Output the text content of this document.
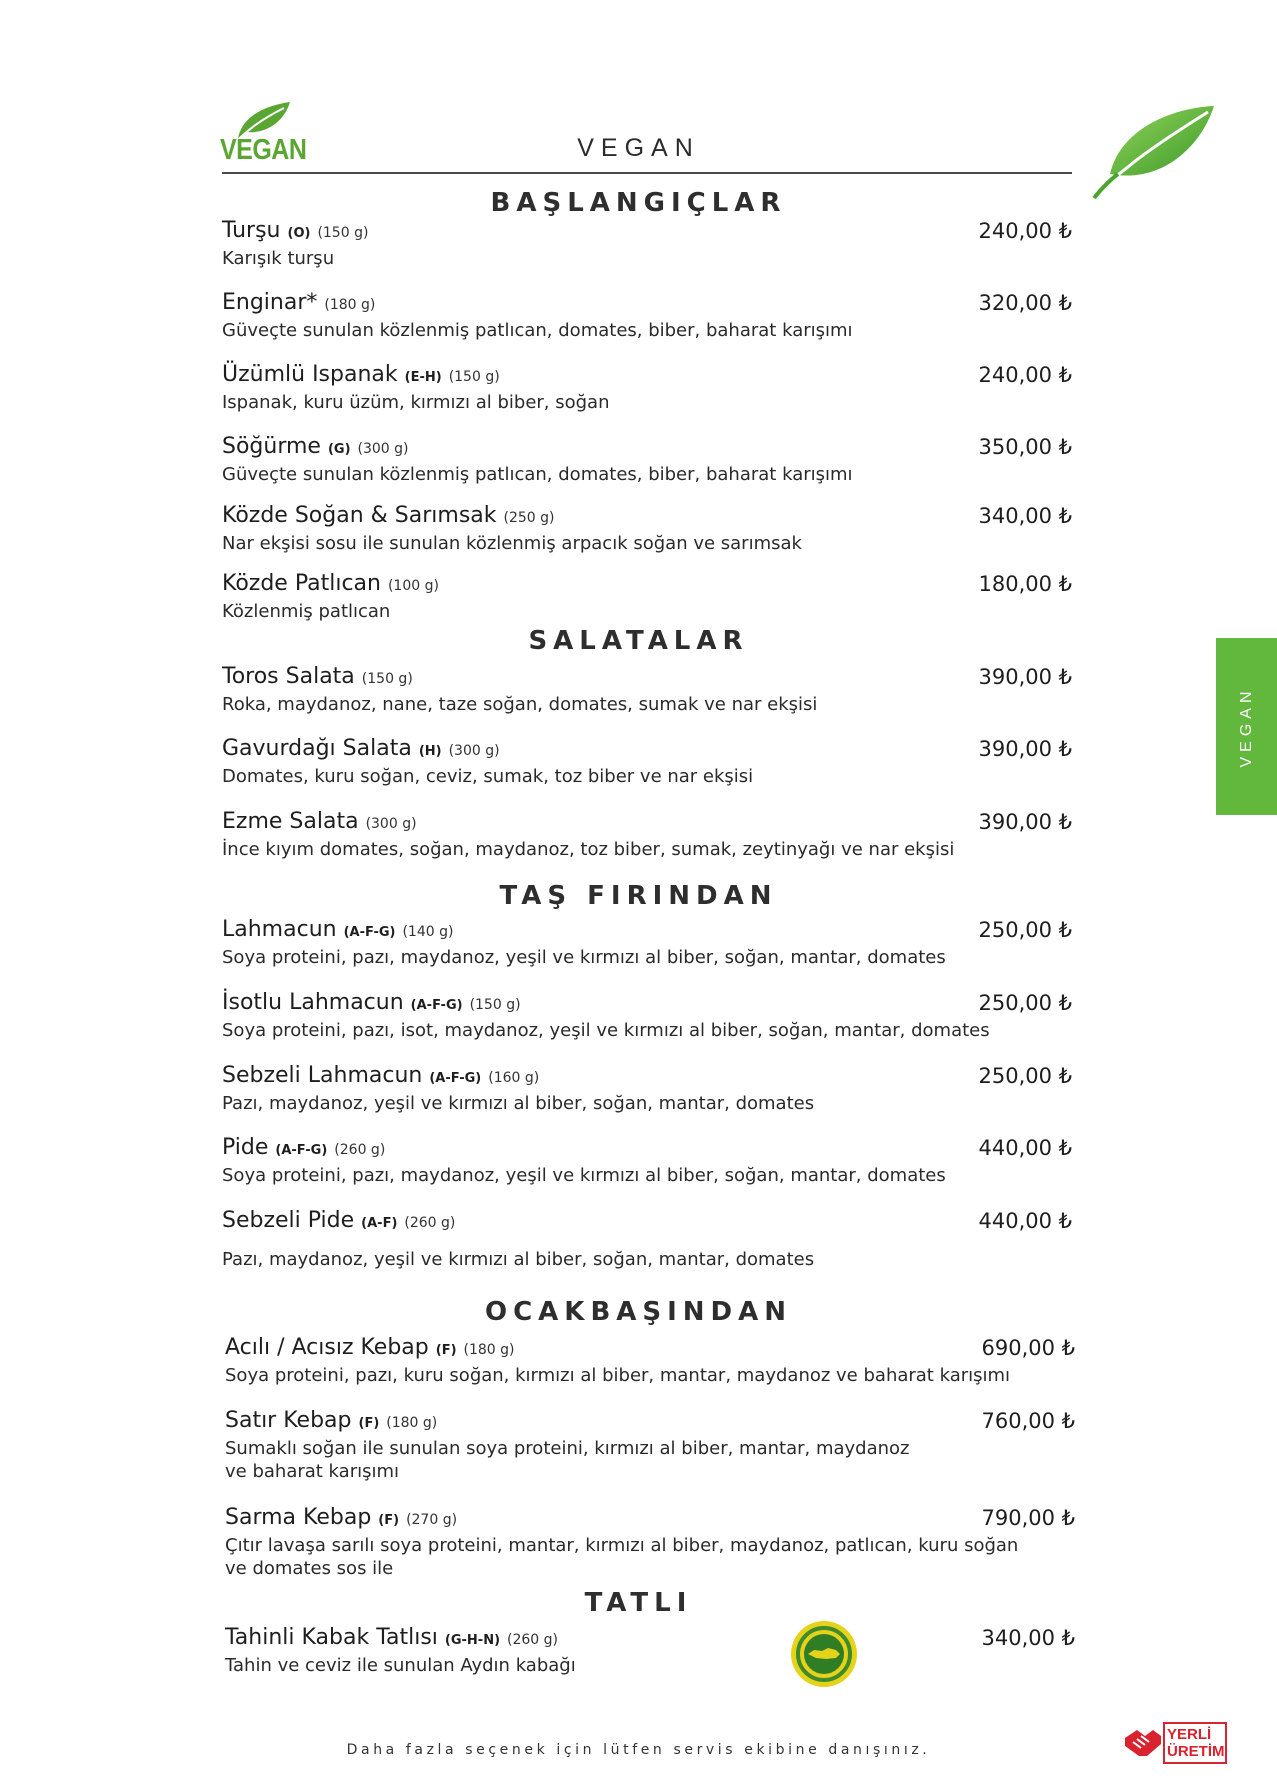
VEGAN	VEGAN
VEGAN
BAŞLANGIÇLAR
Turşu (O) (150 g)	240,00 ₺
Karışık turşu
Enginar* (180 g)	320,00 ₺
Güveçte sunulan közlenmiş patlıcan, domates, biber, baharat karışımı
Üzümlü Ispanak (E-H) (150 g)	240,00 ₺
Ispanak, kuru üzüm, kırmızı al biber, soğan
Söğürme (G) (300 g)	350,00 ₺
Güveçte sunulan közlenmiş patlıcan, domates, biber, baharat karışımı
Közde Soğan & Sarımsak (250 g)	340,00 ₺
Nar ekşisi sosu ile sunulan közlenmiş arpacık soğan ve sarımsak
Közde Patlıcan (100 g)	180,00 ₺
Közlenmiş patlıcan
SALATALAR
Toros Salata (150 g)	390,00 ₺
Roka, maydanoz, nane, taze soğan, domates, sumak ve nar ekşisi
Gavurdağı Salata (H) (300 g)	390,00 ₺
Domates, kuru soğan, ceviz, sumak, toz biber ve nar ekşisi
Ezme Salata (300 g)	390,00 ₺
İnce kıyım domates, soğan, maydanoz, toz biber, sumak, zeytinyağı ve nar ekşisi
TAŞ FIRINDAN
Lahmacun (A-F-G) (140 g)	250,00 ₺
Soya proteini, pazı, maydanoz, yeşil ve kırmızı al biber, soğan, mantar, domates
İsotlu Lahmacun (A-F-G) (150 g)	250,00 ₺
Soya proteini, pazı, isot, maydanoz, yeşil ve kırmızı al biber, soğan, mantar, domates
Sebzeli Lahmacun (A-F-G) (160 g)	250,00 ₺
Pazı, maydanoz, yeşil ve kırmızı al biber, soğan, mantar, domates
Pide (A-F-G) (260 g)	440,00 ₺
Soya proteini, pazı, maydanoz, yeşil ve kırmızı al biber, soğan, mantar, domates
Sebzeli Pide (A-F) (260 g)	440,00 ₺
Pazı, maydanoz, yeşil ve kırmızı al biber, soğan, mantar, domates
OCAKBAŞINDAN
Acılı / Acısız Kebap (F) (180 g)	690,00 ₺
Soya proteini, pazı, kuru soğan, kırmızı al biber, mantar, maydanoz ve baharat karışımı
Satır Kebap (F) (180 g)	760,00 ₺
Sumaklı soğan ile sunulan soya proteini, kırmızı al biber, mantar, maydanoz
ve baharat karışımı
Sarma Kebap (F) (270 g)	790,00 ₺
Çıtır lavaşa sarılı soya proteini, mantar, kırmızı al biber, maydanoz, patlıcan, kuru soğan
ve domates sos ile
TATLI
Tahinli Kabak Tatlısı (G-H-N) (260 g)	340,00 ₺
Tahin ve ceviz ile sunulan Aydın kabağı
Daha fazla seçenek için lütfen servis ekibine danışınız.
YERLİ
ÜRETİM
